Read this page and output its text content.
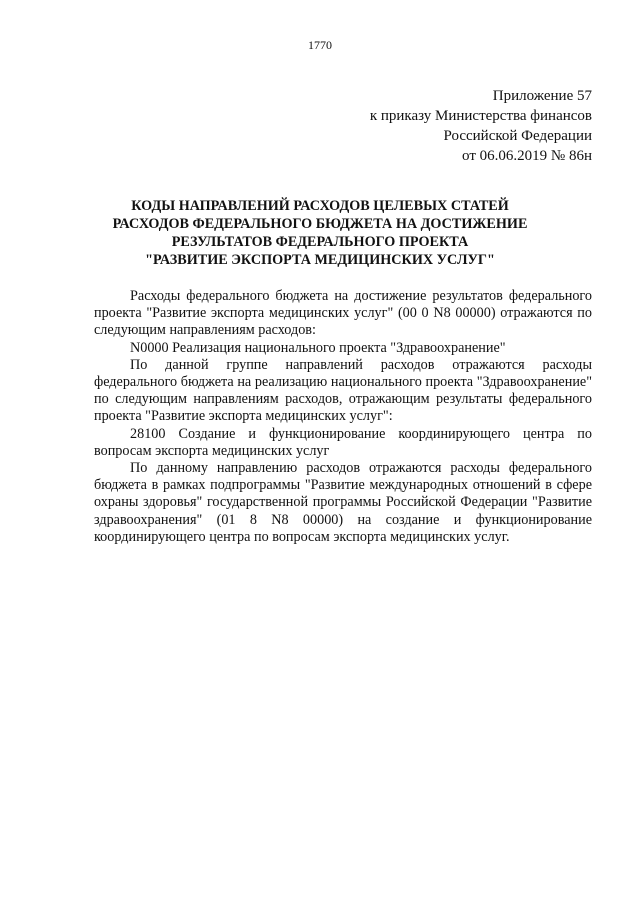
1770
Приложение 57
к приказу Министерства финансов
Российской Федерации
от 06.06.2019 № 86н
КОДЫ НАПРАВЛЕНИЙ РАСХОДОВ ЦЕЛЕВЫХ СТАТЕЙ
РАСХОДОВ ФЕДЕРАЛЬНОГО БЮДЖЕТА НА ДОСТИЖЕНИЕ
РЕЗУЛЬТАТОВ ФЕДЕРАЛЬНОГО ПРОЕКТА
"РАЗВИТИЕ ЭКСПОРТА МЕДИЦИНСКИХ УСЛУГ"

Расходы федерального бюджета на достижение результатов федерального проекта "Развитие экспорта медицинских услуг" (00 0 N8 00000) отражаются по следующим направлениям расходов:

N0000 Реализация национального проекта "Здравоохранение"

По данной группе направлений расходов отражаются расходы федерального бюджета на реализацию национального проекта "Здравоохранение" по следующим направлениям расходов, отражающим результаты федерального проекта "Развитие экспорта медицинских услуг":

28100 Создание и функционирование координирующего центра по вопросам экспорта медицинских услуг

По данному направлению расходов отражаются расходы федерального бюджета в рамках подпрограммы "Развитие международных отношений в сфере охраны здоровья" государственной программы Российской Федерации "Развитие здравоохранения" (01 8 N8 00000) на создание и функционирование координирующего центра по вопросам экспорта медицинских услуг.
